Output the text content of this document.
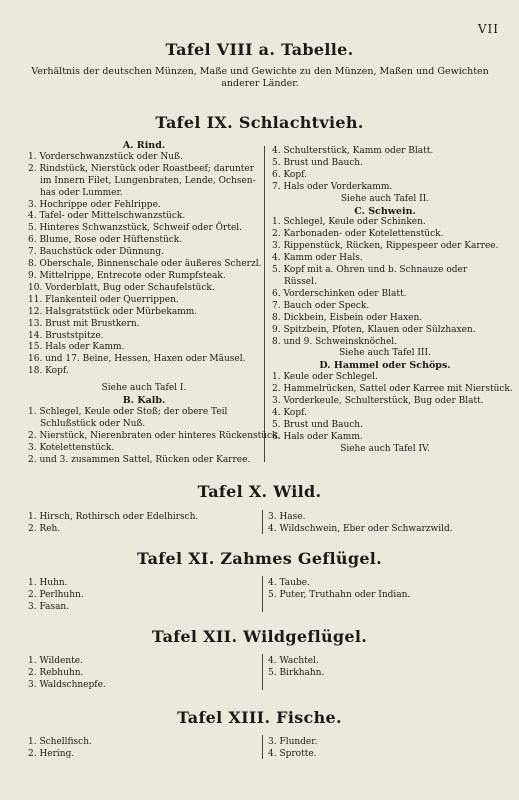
VII
Tafel VIII a. Tabelle.
Verhältnis der deutschen Münzen, Maße und Gewichte zu den Münzen, Maßen und Gewichten
anderer Länder.
Tafel IX. Schlachtvieh.
A. Rind.
1. Vorderschwanzstück oder Nuß.
2. Rindstück, Nierstück oder Roastbeef; darunter
im Innern Filet, Lungenbraten, Lende, Ochsen-
has oder Lummer.
3. Hochrippe oder Fehlrippe.
4. Tafel- oder Mittelschwanzstück.
5. Hinteres Schwanzstück, Schweif oder Örtel.
6. Blume, Rose oder Hüftenstück.
7. Bauchstück oder Dünnung.
8. Oberschale, Binnenschale oder äußeres Scherzl.
9. Mittelrippe, Entrecote oder Rumpfsteak.
10. Vorderblatt, Bug oder Schaufelstück.
11. Flankenteil oder Querrippen.
12. Halsgratstück oder Mürbekamm.
13. Brust mit Brustkern.
14. Bruststpitze.
15. Hals oder Kamm.
16. und 17. Beine, Hessen, Haxen oder Mäusel.
18. Kopf.
Siehe auch Tafel I.
B. Kalb.
1. Schlegel, Keule oder Stoß; der obere Teil
Schlußstück oder Nuß.
2. Nierstück, Nierenbraten oder hinteres Rückenstück.
3. Kotelettenstück.
2. und 3. zusammen Sattel, Rücken oder Karree.
4. Schulterstück, Kamm oder Blatt.
5. Brust und Bauch.
6. Kopf.
7. Hals oder Vorderkamm.
Siehe auch Tafel II.
C. Schwein.
1. Schlegel, Keule oder Schinken.
2. Karbonaden- oder Kotelettenstück.
3. Rippenstück, Rücken, Rippespeer oder Karree.
4. Kamm oder Hals.
5. Kopf mit a. Ohren und b. Schnauze oder
Rüssel.
6. Vorderschinken oder Blatt.
7. Bauch oder Speck.
8. Dickbein, Eisbein oder Haxen.
9. Spitzbein, Pfoten, Klauen oder Sülzhaxen.
8. und 9. Schweinsknöchel.
Siehe auch Tafel III.
D. Hammel oder Schöps.
1. Keule oder Schlegel.
2. Hammelrücken, Sattel oder Karree mit Nierstück.
3. Vorderkeule, Schulterstück, Bug oder Blatt.
4. Kopf.
5. Brust und Bauch.
6. Hals oder Kamm.
Siehe auch Tafel IV.
Tafel X. Wild.
1. Hirsch, Rothirsch oder Edelhirsch.
2. Reh.
3. Hase.
4. Wildschwein, Eber oder Schwarzwild.
Tafel XI. Zahmes Geflügel.
1. Huhn.
2. Perlhuhn.
3. Fasan.
4. Taube.
5. Puter, Truthahn oder Indian.
Tafel XII. Wildgeflügel.
1. Wildente.
2. Rebhuhn.
3. Waldschnepfe.
4. Wachtel.
5. Birkhahn.
Tafel XIII. Fische.
1. Schellfisch.
2. Hering.
3. Flunder.
4. Sprotte.
